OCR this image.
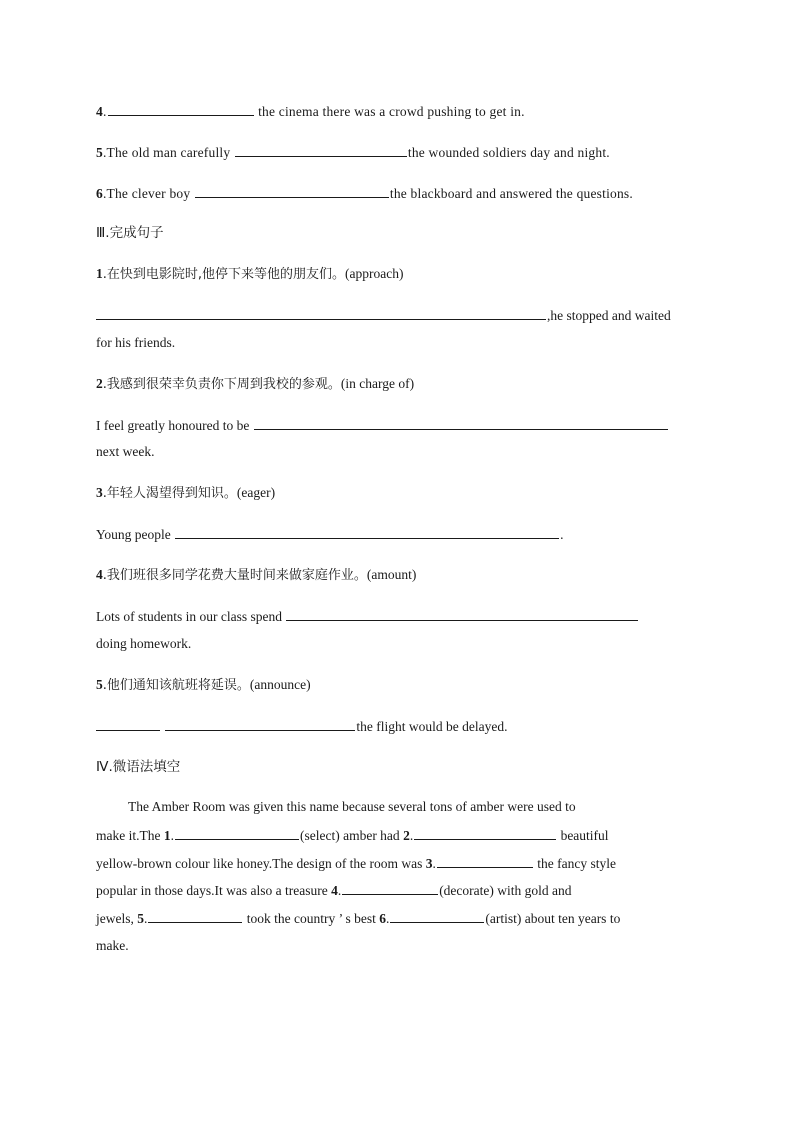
4.	the cinema there was a crowd pushing to get in.
5.The old man carefully	the wounded soldiers day and night.
6.The clever boy	the blackboard and answered the questions.
Ⅲ.完成句子
1.在快到电影院时,他停下来等他的朋友们。(approach)
,he stopped and waited
for his friends.
2.我感到很荣幸负责你下周到我校的参观。(in charge of)
I feel greatly honoured to be
next week.
3.年轻人渴望得到知识。(eager)
Young people	.
4.我们班很多同学花费大量时间来做家庭作业。(amount)
Lots of students in our class spend
doing homework.
5.他们通知该航班将延误。(announce)
the flight would be delayed.
Ⅳ.微语法填空
The Amber Room was given this name because several tons of amber were used to
make it.The 1.	(select) amber had 2.	beautiful
yellow-brown colour like honey.The design of the room was 3.	the fancy style
popular in those days.It was also a treasure 4.	(decorate) with gold and
jewels, 5.	took the country ’ s best 6.	(artist) about ten years to
make.
